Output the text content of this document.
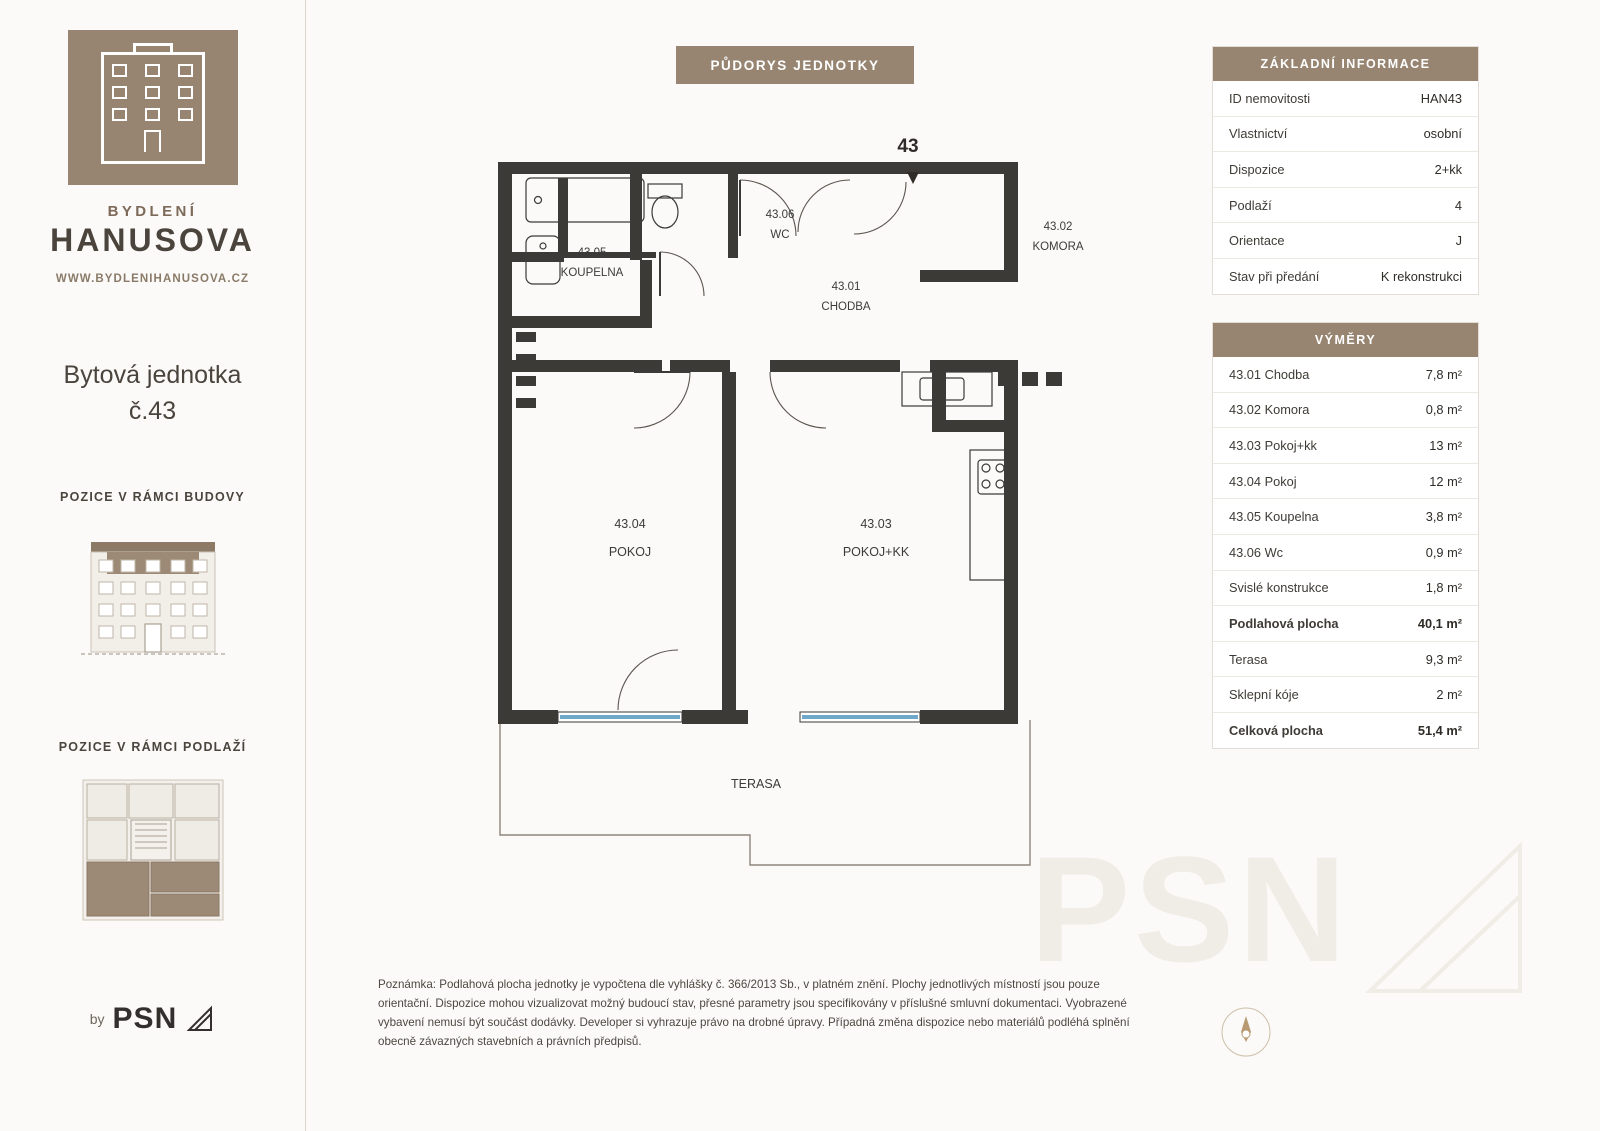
BYDLENÍ
HANUSOVA
WWW.BYDLENIHANUSOVA.CZ
Bytová jednotka
č.43
POZICE V RÁMCI BUDOVY
POZICE V RÁMCI PODLAŽÍ
by PSN
PŮDORYS JEDNOTKY	ZÁKLADNÍ INFORMACE
ID nemovitosti	HAN43
Vlastnictví	osobní
Dispozice	2+kk
Podlaží	4
Orientace	J
Stav při předání	K rekonstrukci
VÝMĚRY
43.01 Chodba	7,8 m²
43.02 Komora	0,8 m²
43.03 Pokoj+kk	13 m²
43.04 Pokoj	12 m²
43.05 Koupelna	3,8 m²
43.06 Wc	0,9 m²
Svislé konstrukce	1,8 m²
Podlahová plocha	40,1 m²
Terasa	9,3 m²
Sklepní kóje	2 m²
Celková plocha	51,4 m²
43.05
KOUPELNA
43.06
WC
43.01
CHODBA
43.02
KOMORA
43.04
POKOJ
43.03
POKOJ+KK
TERASA
43
Poznámka: Podlahová plocha jednotky je vypočtena dle vyhlášky č. 366/2013 Sb., v platném znění. Plochy jednotlivých místností jsou pouze orientační. Dispozice mohou vizualizovat možný budoucí stav, přesné parametry jsou specifikovány v příslušné smluvní dokumentaci. Vyobrazené vybavení nemusí být součást dodávky. Developer si vyhrazuje právo na drobné úpravy. Případná změna dispozice nebo materiálů podléhá splnění obecně závazných stavebních a právních předpisů.
PSN
